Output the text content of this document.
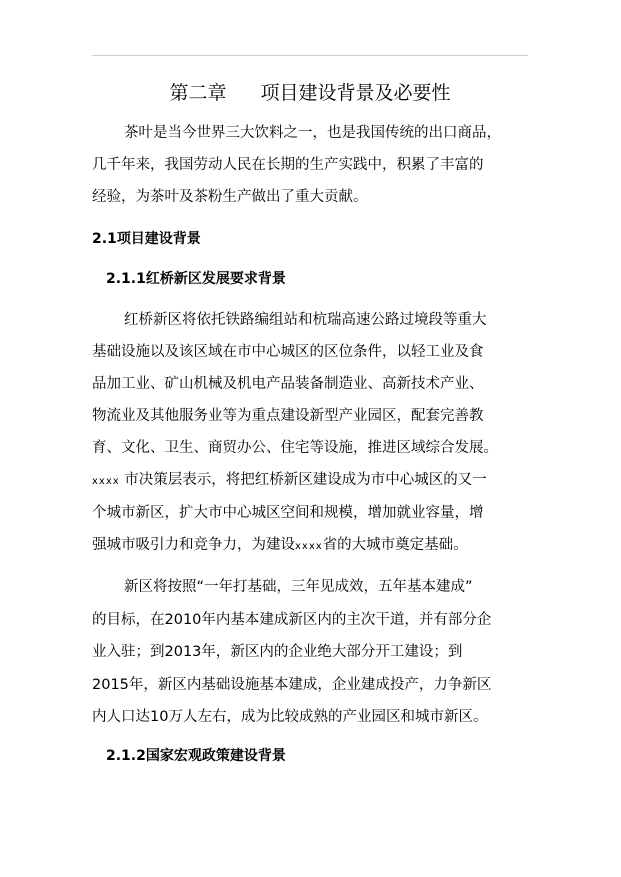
第二章 项目建设背景及必要性
茶叶是当今世界三大饮料之一，也是我国传统的出口商品，
几千年来，我国劳动人民在长期的生产实践中，积累了丰富的
经验，为茶叶及茶粉生产做出了重大贡献。
2.1项目建设背景
2.1.1红桥新区发展要求背景
红桥新区将依托铁路编组站和杭瑞高速公路过境段等重大
基础设施以及该区域在市中心城区的区位条件，以轻工业及食
品加工业、矿山机械及机电产品装备制造业、高新技术产业、
物流业及其他服务业等为重点建设新型产业园区，配套完善教
育、文化、卫生、商贸办公、住宅等设施，推进区域综合发展。
xxxx 市决策层表示，将把红桥新区建设成为市中心城区的又一
个城市新区，扩大市中心城区空间和规模，增加就业容量，增
强城市吸引力和竞争力，为建设xxxx省的大城市奠定基础。
新区将按照“一年打基础，三年见成效，五年基本建成”
的目标，在2010年内基本建成新区内的主次干道，并有部分企
业入驻；到2013年，新区内的企业绝大部分开工建设；到
2015年，新区内基础设施基本建成，企业建成投产，力争新区
内人口达10万人左右，成为比较成熟的产业园区和城市新区。
2.1.2国家宏观政策建设背景
